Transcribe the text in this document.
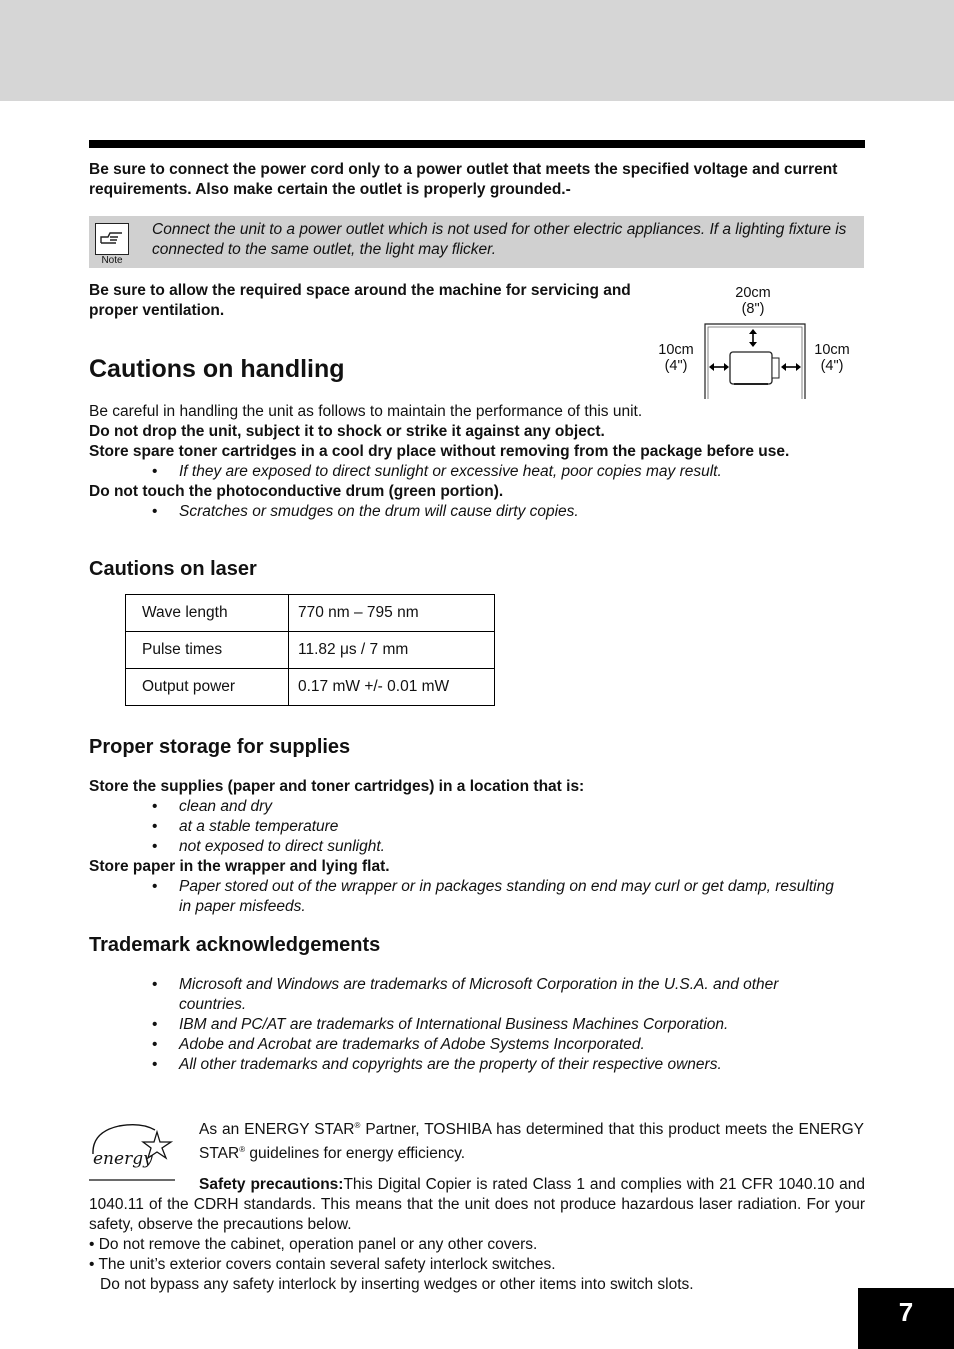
Be sure to connect the power cord only to a power outlet that meets the specified voltage and current requirements. Also make certain the outlet is properly grounded.-

Note
Connect the unit to a power outlet which is not used for other electric appliances. If a lighting fixture is connected to the same outlet, the light may flicker.

Be sure to allow the required space around the machine for servicing and proper ventilation.

20cm
(8")
10cm
(4")
10cm
(4")
Cautions on handling

Be careful in handling the unit as follows to maintain the performance of this unit.

Do not drop the unit, subject it to shock or strike it against any object.

Store spare toner cartridges in a cool dry place without removing from the package before use.

• If they are exposed to direct sunlight or excessive heat, poor copies may result.

Do not touch the photoconductive drum (green portion).

• Scratches or smudges on the drum will cause dirty copies.

Cautions on laser
Wave length	770 nm – 795 nm
Pulse times	11.82 μs / 7 mm
Output power	0.17 mW +/- 0.01 mW
Proper storage for supplies

Store the supplies (paper and toner cartridges) in a location that is:

• clean and dry

• at a stable temperature

• not exposed to direct sunlight.

Store paper in the wrapper and lying flat.

• Paper stored out of the wrapper or in packages standing on end may curl or get damp, resulting in paper misfeeds.

Trademark acknowledgements

• Microsoft and Windows are trademarks of Microsoft Corporation in the U.S.A. and other countries.

• IBM and PC/AT are trademarks of International Business Machines Corporation.

• Adobe and Acrobat are trademarks of Adobe Systems Incorporated.

• All other trademarks and copyrights are the property of their respective owners.

energy

As an ENERGY STAR® Partner, TOSHIBA has determined that this product meets the ENERGY STAR® guidelines for energy efficiency.

Safety precautions:This Digital Copier is rated Class 1 and complies with 21 CFR 1040.10 and 1040.11 of the CDRH standards. This means that the unit does not produce hazardous laser radiation. For your safety, observe the precautions below.

• Do not remove the cabinet, operation panel or any other covers.

• The unit’s exterior covers contain several safety interlock switches.

Do not bypass any safety interlock by inserting wedges or other items into switch slots.

7
